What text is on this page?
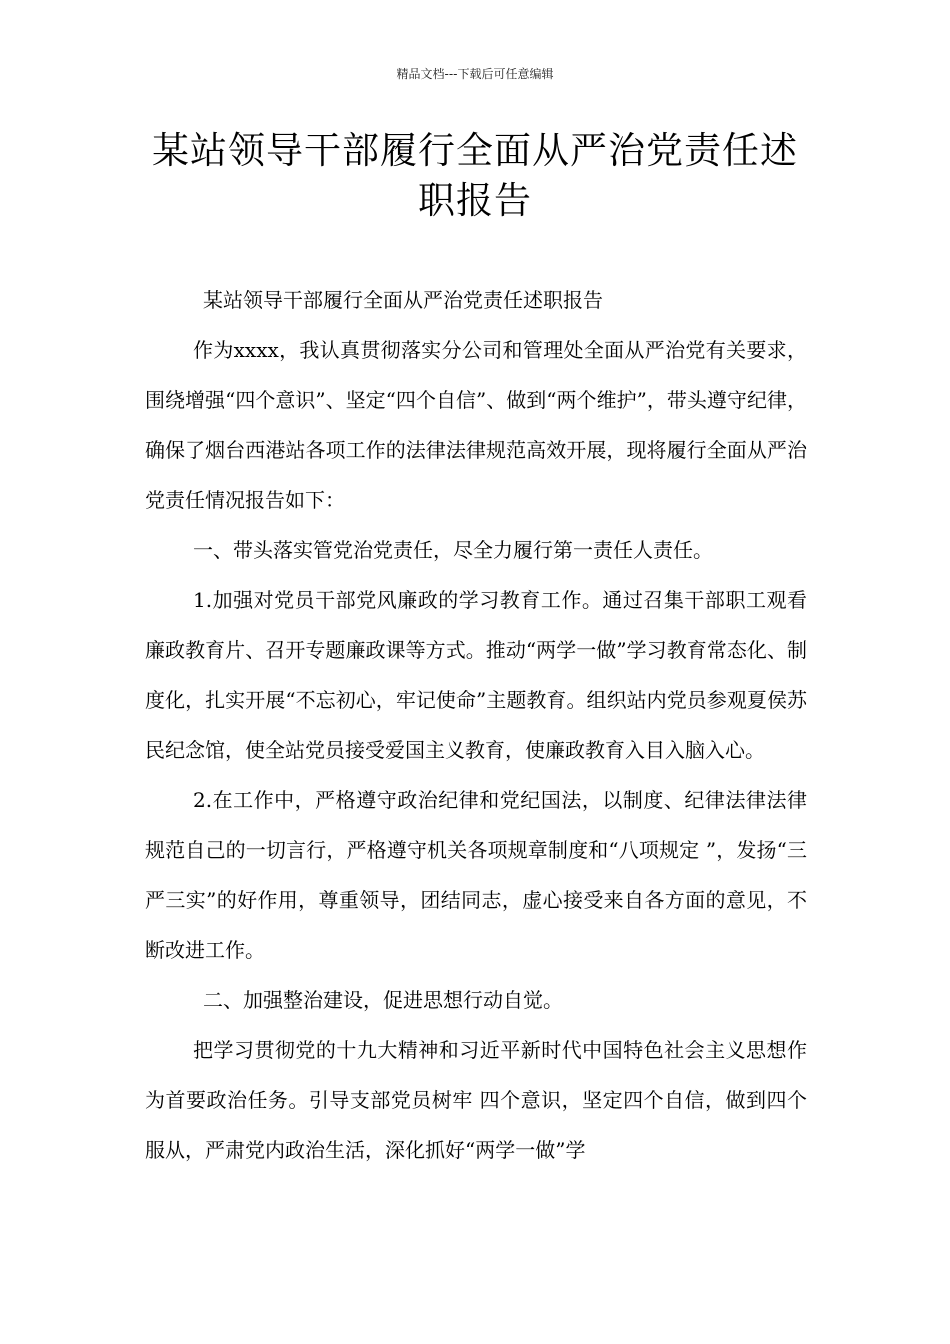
精品文档---下载后可任意编辑
某站领导干部履行全面从严治党责任述职报告

某站领导干部履行全面从严治党责任述职报告

作为xxxx，我认真贯彻落实分公司和管理处全面从严治党有关要求，围绕增强“四个意识”、坚定“四个自信”、做到“两个维护”，带头遵守纪律，确保了烟台西港站各项工作的法律法律规范高效开展，现将履行全面从严治党责任情况报告如下：

一、带头落实管党治党责任，尽全力履行第一责任人责任。

1.加强对党员干部党风廉政的学习教育工作。通过召集干部职工观看廉政教育片、召开专题廉政课等方式。推动“两学一做”学习教育常态化、制度化，扎实开展“不忘初心，牢记使命”主题教育。组织站内党员参观夏侯苏民纪念馆，使全站党员接受爱国主义教育，使廉政教育入目入脑入心。

2.在工作中，严格遵守政治纪律和党纪国法，以制度、纪律法律法律规范自己的一切言行，严格遵守机关各项规章制度和“八项规定 ”，发扬“三严三实”的好作用，尊重领导，团结同志，虚心接受来自各方面的意见，不断改进工作。

二、加强整治建设，促进思想行动自觉。

把学习贯彻党的十九大精神和习近平新时代中国特色社会主义思想作为首要政治任务。引导支部党员树牢 四个意识，坚定四个自信，做到四个服从，严肃党内政治生活，深化抓好“两学一做”学
